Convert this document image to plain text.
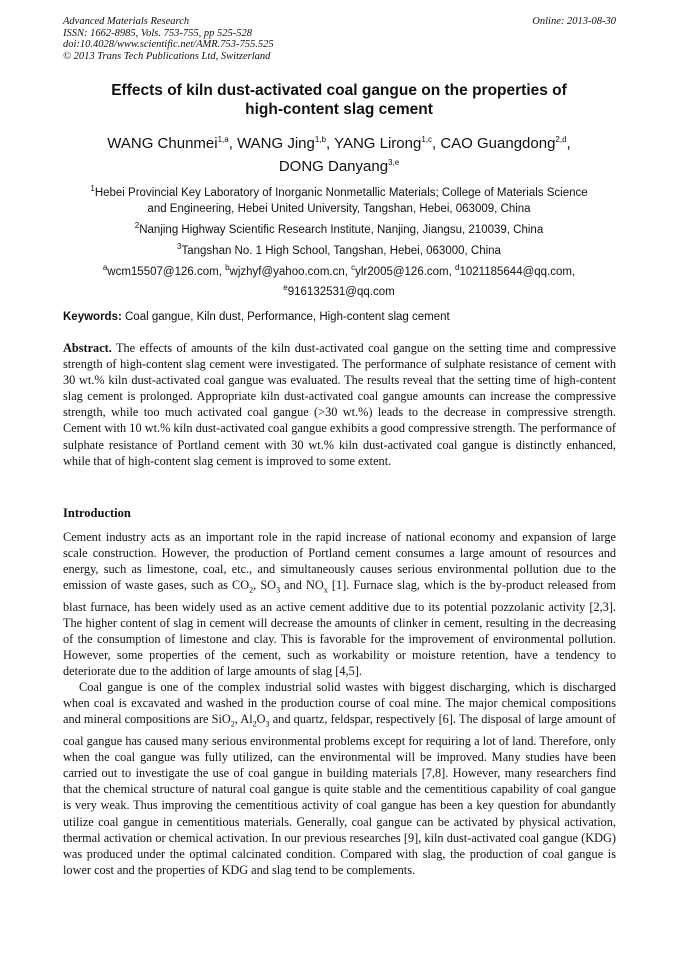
Advanced Materials Research
ISSN: 1662-8985, Vols. 753-755, pp 525-528
doi:10.4028/www.scientific.net/AMR.753-755.525
© 2013 Trans Tech Publications Ltd, Switzerland
Online: 2013-08-30
Effects of kiln dust-activated coal gangue on the properties of
high-content slag cement
WANG Chunmei$^{1,a}$, WANG Jing$^{1,b}$, YANG Lirong$^{1,c}$, CAO Guangdong$^{2,d}$,
DONG Danyang$^{3,e}$
$^1$Hebei Provincial Key Laboratory of Inorganic Nonmetallic Materials; College of Materials Science
and Engineering, Hebei United University, Tangshan, Hebei, 063009, China
$^2$Nanjing Highway Scientific Research Institute, Nanjing, Jiangsu, 210039, China
$^3$Tangshan No. 1 High School, Tangshan, Hebei, 063000, China
$^a$wcm15507@126.com, $^b$wjzhyf@yahoo.com.cn, $^c$ylr2005@126.com, $^d$1021185644@qq.com,
$^e$916132531@qq.com
Keywords: Coal gangue, Kiln dust, Performance, High-content slag cement
Abstract. The effects of amounts of the kiln dust-activated coal gangue on the setting time and compressive strength of high-content slag cement were investigated. The performance of sulphate resistance of cement with 30 wt.% kiln dust-activated coal gangue was evaluated. The results reveal that the setting time of high-content slag cement is prolonged. Appropriate kiln dust-activated coal gangue amounts can increase the compressive strength, while too much activated coal gangue (>30 wt.%) leads to the decrease in compressive strength. Cement with 10 wt.% kiln dust-activated coal gangue exhibits a good compressive strength. The performance of sulphate resistance of Portland cement with 30 wt.% kiln dust-activated coal gangue is distinctly enhanced, while that of high-content slag cement is improved to some extent.
Introduction
Cement industry acts as an important role in the rapid increase of national economy and expansion of large scale construction. However, the production of Portland cement consumes a large amount of resources and energy, such as limestone, coal, etc., and simultaneously causes serious environmental pollution due to the emission of waste gases, such as $CO_2$, $SO_3$ and $NO_x$ [1]. Furnace slag, which is the by-product released from blast furnace, has been widely used as an active cement additive due to its potential pozzolanic activity [2,3]. The higher content of slag in cement will decrease the amounts of clinker in cement, resulting in the decreasing of the consumption of limestone and clay. This is favorable for the improvement of environmental pollution. However, some properties of the cement, such as workability or moisture retention, have a tendency to deteriorate due to the addition of large amounts of slag [4,5].
Coal gangue is one of the complex industrial solid wastes with biggest discharging, which is discharged when coal is excavated and washed in the production course of coal mine. The major chemical compositions and mineral compositions are SiO$_2$, $Al_2O_3$ and quartz, feldspar, respectively [6]. The disposal of large amount of coal gangue has caused many serious environmental problems except for requiring a lot of land. Therefore, only when the coal gangue was fully utilized, can the environmental will be improved. Many studies have been carried out to investigate the use of coal gangue in building materials [7,8]. However, many researchers find that the chemical structure of natural coal gangue is quite stable and the cementitious capability of coal gangue is very weak. Thus improving the cementitious activity of coal gangue has been a key question for abundantly utilize coal gangue in cementitious materials. Generally, coal gangue can be activated by physical activation, thermal activation or chemical activation. In our previous researches [9], kiln dust-activated coal gangue (KDG) was produced under the optimal calcinated condition. Compared with slag, the production of coal gangue is lower cost and the properties of KDG and slag tend to be complements.
